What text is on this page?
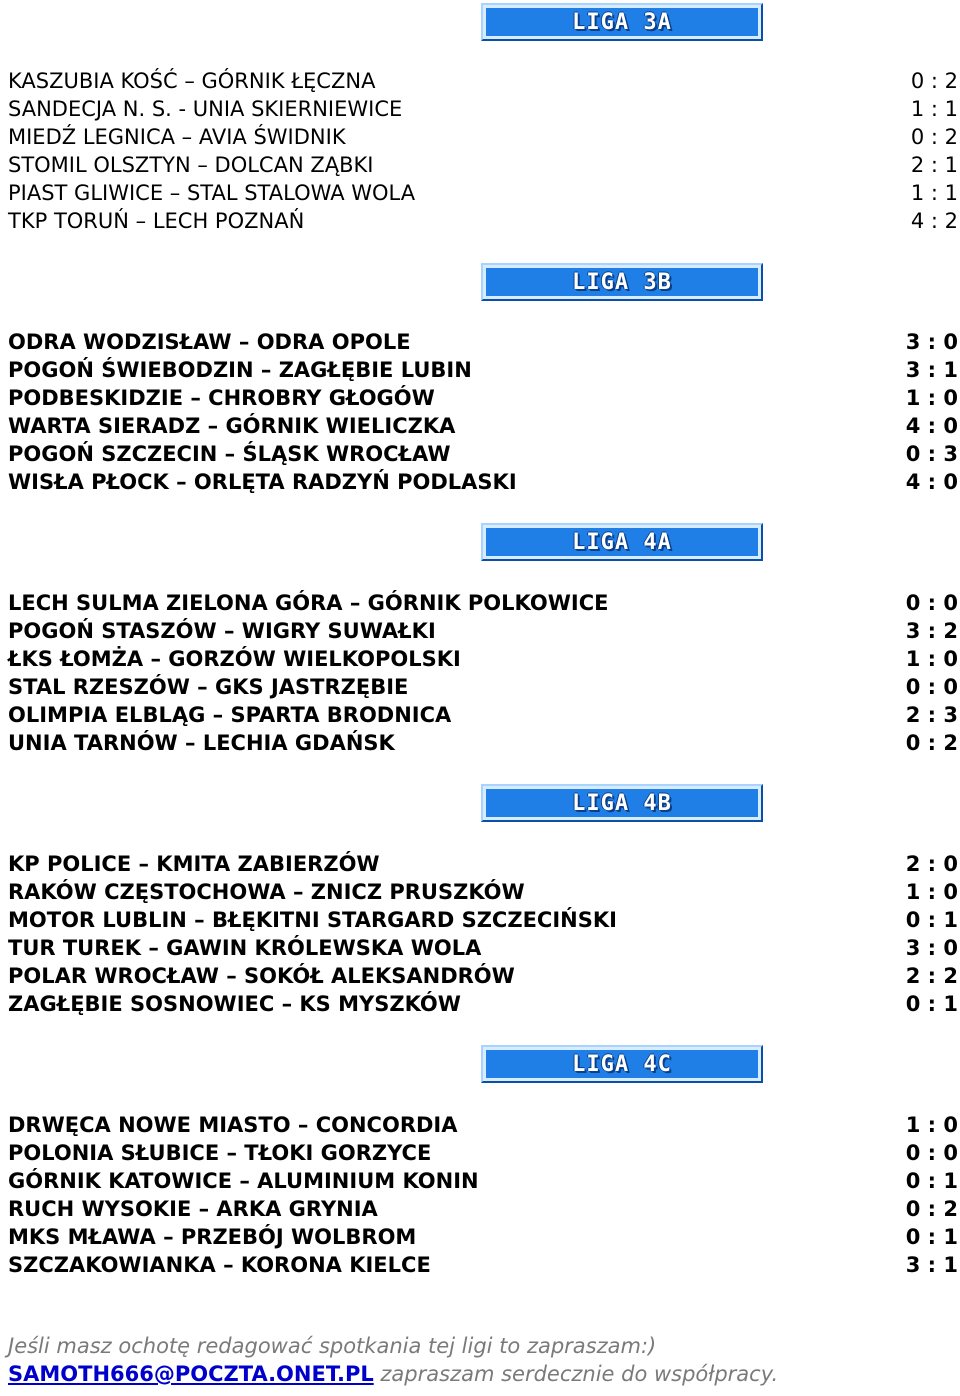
LIGA 3A
KASZUBIA KOŚĆ – GÓRNIK ŁĘCZNA	0 : 2
SANDECJA N. S. - UNIA SKIERNIEWICE	1 : 1
MIEDŹ LEGNICA – AVIA ŚWIDNIK	0 : 2
STOMIL OLSZTYN – DOLCAN ZĄBKI	2 : 1
PIAST GLIWICE – STAL STALOWA WOLA	1 : 1
TKP TORUŃ – LECH POZNAŃ	4 : 2
LIGA 3B
ODRA WODZISŁAW – ODRA OPOLE	3 : 0
POGOŃ ŚWIEBODZIN – ZAGŁĘBIE LUBIN	3 : 1
PODBESKIDZIE – CHROBRY GŁOGÓW	1 : 0
WARTA SIERADZ – GÓRNIK WIELICZKA	4 : 0
POGOŃ SZCZECIN – ŚLĄSK WROCŁAW	0 : 3
WISŁA PŁOCK – ORLĘTA RADZYŃ PODLASKI	4 : 0
LIGA 4A
LECH SULMA ZIELONA GÓRA – GÓRNIK POLKOWICE	0 : 0
POGOŃ STASZÓW – WIGRY SUWAŁKI	3 : 2
ŁKS ŁOMŻA – GORZÓW WIELKOPOLSKI	1 : 0
STAL RZESZÓW – GKS JASTRZĘBIE	0 : 0
OLIMPIA ELBLĄG – SPARTA BRODNICA	2 : 3
UNIA TARNÓW – LECHIA GDAŃSK	0 : 2
LIGA 4B
KP POLICE – KMITA ZABIERZÓW	2 : 0
RAKÓW CZĘSTOCHOWA – ZNICZ PRUSZKÓW	1 : 0
MOTOR LUBLIN – BŁĘKITNI STARGARD SZCZECIŃSKI	0 : 1
TUR TUREK – GAWIN KRÓLEWSKA WOLA	3 : 0
POLAR WROCŁAW – SOKÓŁ ALEKSANDRÓW	2 : 2
ZAGŁĘBIE SOSNOWIEC – KS MYSZKÓW	0 : 1
LIGA 4C
DRWĘCA NOWE MIASTO – CONCORDIA	1 : 0
POLONIA SŁUBICE – TŁOKI GORZYCE	0 : 0
GÓRNIK KATOWICE – ALUMINIUM KONIN	0 : 1
RUCH WYSOKIE – ARKA GRYNIA	0 : 2
MKS MŁAWA – PRZEBÓJ WOLBROM	0 : 1
SZCZAKOWIANKA – KORONA KIELCE	3 : 1
Jeśli masz ochotę redagować spotkania tej ligi to zapraszam:)
SAMOTH666@POCZTA.ONET.PL zapraszam serdecznie do współpracy.
